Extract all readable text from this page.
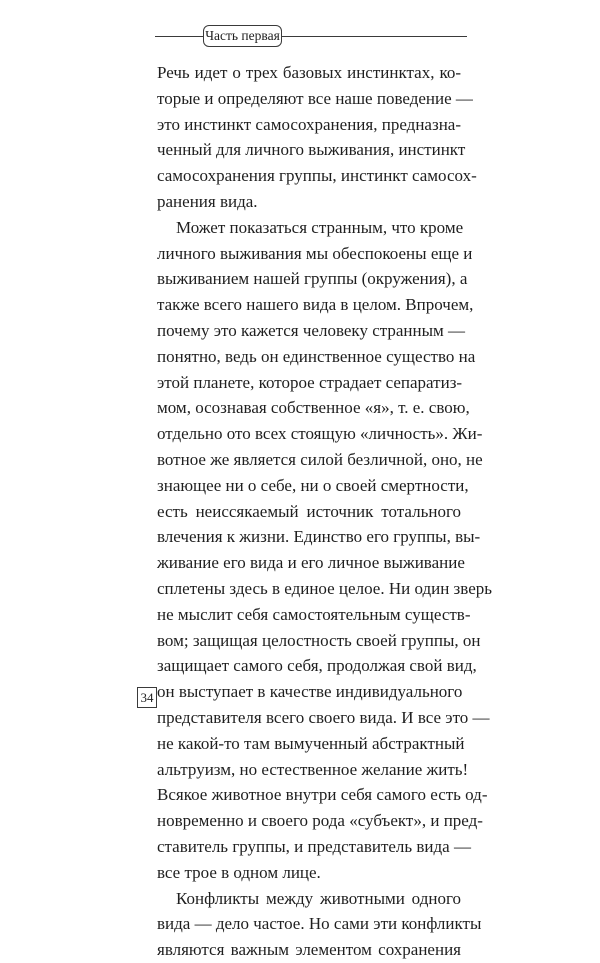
Часть первая
Речь идет о трех базовых инстинктах, ко-
торые и определяют все наше поведение —
это инстинкт самосохранения, предназна-
ченный для личного выживания, инстинкт
самосохранения группы, инстинкт самосох-
ранения вида.
Может показаться странным, что кроме
личного выживания мы обеспокоены еще и
выживанием нашей группы (окружения), а
также всего нашего вида в целом. Впрочем,
почему это кажется человеку странным —
понятно, ведь он единственное существо на
этой планете, которое страдает сепаратиз-
мом, осознавая собственное «я», т. е. свою,
отдельно ото всех стоящую «личность». Жи-
вотное же является силой безличной, оно, не
знающее ни о себе, ни о своей смертности,
есть неиссякаемый источник тотального
влечения к жизни. Единство его группы, вы-
живание его вида и его личное выживание
сплетены здесь в единое целое. Ни один зверь
не мыслит себя самостоятельным существ-
вом; защищая целостность своей группы, он
защищает самого себя, продолжая свой вид,
он выступает в качестве индивидуального
представителя всего своего вида. И все это —
не какой-то там вымученный абстрактный
альтруизм, но естественное желание жить!
Всякое животное внутри себя самого есть од-
новременно и своего рода «субъект», и пред-
ставитель группы, и представитель вида —
все трое в одном лице.
Конфликты между животными одного
вида — дело частое. Но сами эти конфликты
являются важным элементом сохранения
34
